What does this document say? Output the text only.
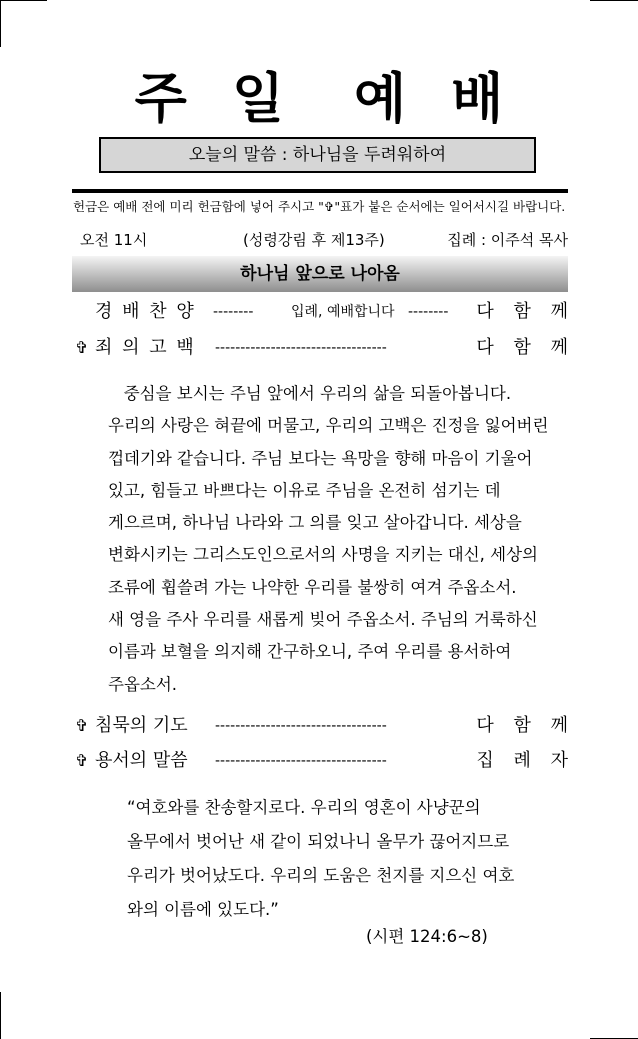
주 일 예 배
오늘의 말씀 : 하나님을 두려워하여
헌금은 예배 전에 미리 헌금함에 넣어 주시고 "✞"표가 붙은 순서에는 일어서시길 바랍니다.
오전 11시	(성령강림 후 제13주)	집례 : 이주석 목사
하나님 앞으로 나아옴
경 배 찬 양 --------	입례, 예배합니다 -------- 다 함 께
✞ 죄 의 고 백 ----------------------------------	다 함 께
중심을 보시는 주님 앞에서 우리의 삶을 되돌아봅니다.
우리의 사랑은 혀끝에 머물고, 우리의 고백은 진정을 잃어버린
껍데기와 같습니다. 주님 보다는 욕망을 향해 마음이 기울어
있고, 힘들고 바쁘다는 이유로 주님을 온전히 섬기는 데
게으르며, 하나님 나라와 그 의를 잊고 살아갑니다. 세상을
변화시키는 그리스도인으로서의 사명을 지키는 대신, 세상의
조류에 휩쓸려 가는 나약한 우리를 불쌍히 여겨 주옵소서.
새 영을 주사 우리를 새롭게 빚어 주옵소서. 주님의 거룩하신
이름과 보혈을 의지해 간구하오니, 주여 우리를 용서하여
주옵소서.
✞ 침묵의 기도 ----------------------------------	다 함 께
✞ 용서의 말씀 ----------------------------------	집 례 자
“여호와를 찬송할지로다. 우리의 영혼이 사냥꾼의
올무에서 벗어난 새 같이 되었나니 올무가 끊어지므로
우리가 벗어났도다. 우리의 도움은 천지를 지으신 여호
와의 이름에 있도다.”
(시편 124:6~8)
